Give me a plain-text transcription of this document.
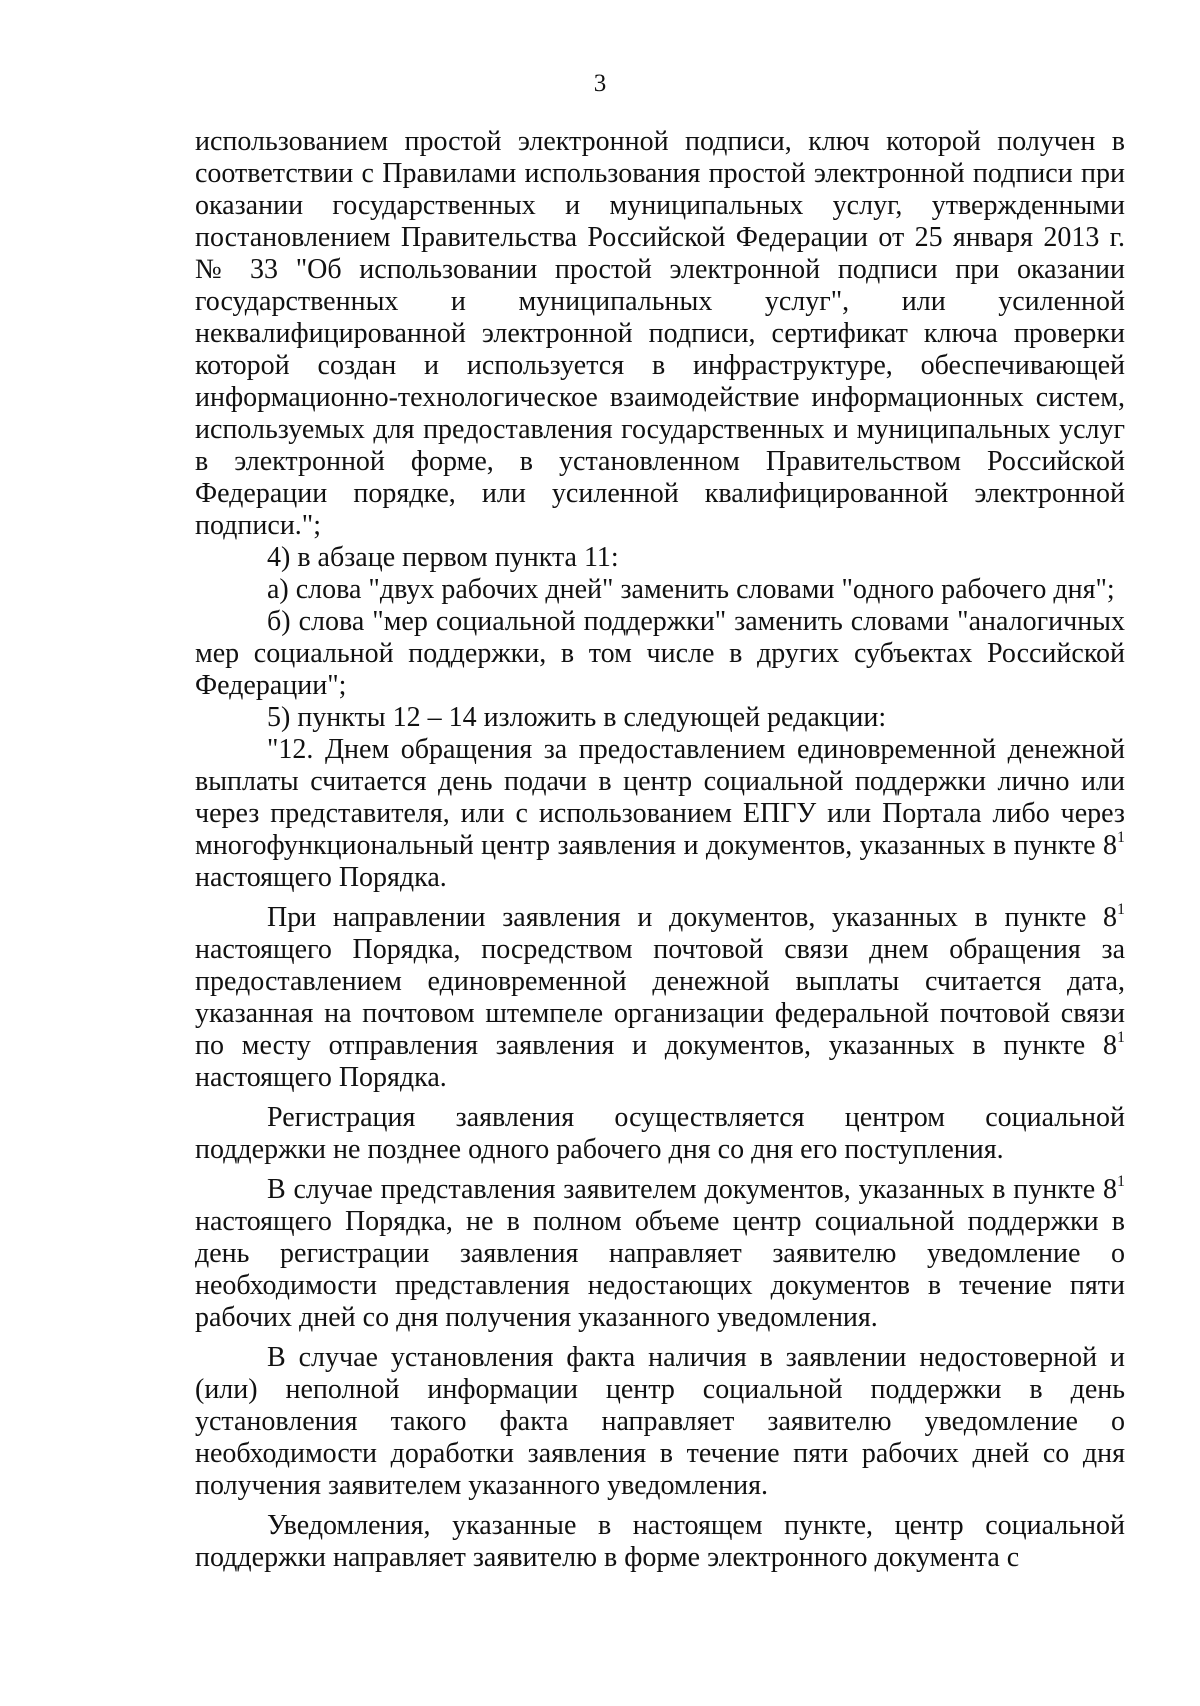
3

использованием простой электронной подписи, ключ которой получен в соответствии с Правилами использования простой электронной подписи при оказании государственных и муниципальных услуг, утвержденными постановлением Правительства Российской Федерации от 25 января 2013 г. № 33 "Об использовании простой электронной подписи при оказании государственных и муниципальных услуг", или усиленной неквалифицированной электронной подписи, сертификат ключа проверки которой создан и используется в инфраструктуре, обеспечивающей информационно-технологическое взаимодействие информационных систем, используемых для предоставления государственных и муниципальных услуг в электронной форме, в установленном Правительством Российской Федерации порядке, или усиленной квалифицированной электронной подписи.";

4) в абзаце первом пункта 11:

а) слова "двух рабочих дней" заменить словами "одного рабочего дня";

б) слова "мер социальной поддержки" заменить словами "аналогичных мер социальной поддержки, в том числе в других субъектах Российской Федерации";

5) пункты 12 – 14 изложить в следующей редакции:

"12. Днем обращения за предоставлением единовременной денежной выплаты считается день подачи в центр социальной поддержки лично или через представителя, или с использованием ЕПГУ или Портала либо через многофункциональный центр заявления и документов, указанных в пункте $8^1$ настоящего Порядка.

При направлении заявления и документов, указанных в пункте $8^1$ настоящего Порядка, посредством почтовой связи днем обращения за предоставлением единовременной денежной выплаты считается дата, указанная на почтовом штемпеле организации федеральной почтовой связи по месту отправления заявления и документов, указанных в пункте $8^1$ настоящего Порядка.

Регистрация заявления осуществляется центром социальной поддержки не позднее одного рабочего дня со дня его поступления.

В случае представления заявителем документов, указанных в пункте $8^1$ настоящего Порядка, не в полном объеме центр социальной поддержки в день регистрации заявления направляет заявителю уведомление о необходимости представления недостающих документов в течение пяти рабочих дней со дня получения указанного уведомления.

В случае установления факта наличия в заявлении недостоверной и (или) неполной информации центр социальной поддержки в день установления такого факта направляет заявителю уведомление о необходимости доработки заявления в течение пяти рабочих дней со дня получения заявителем указанного уведомления.

Уведомления, указанные в настоящем пункте, центр социальной поддержки направляет заявителю в форме электронного документа с
